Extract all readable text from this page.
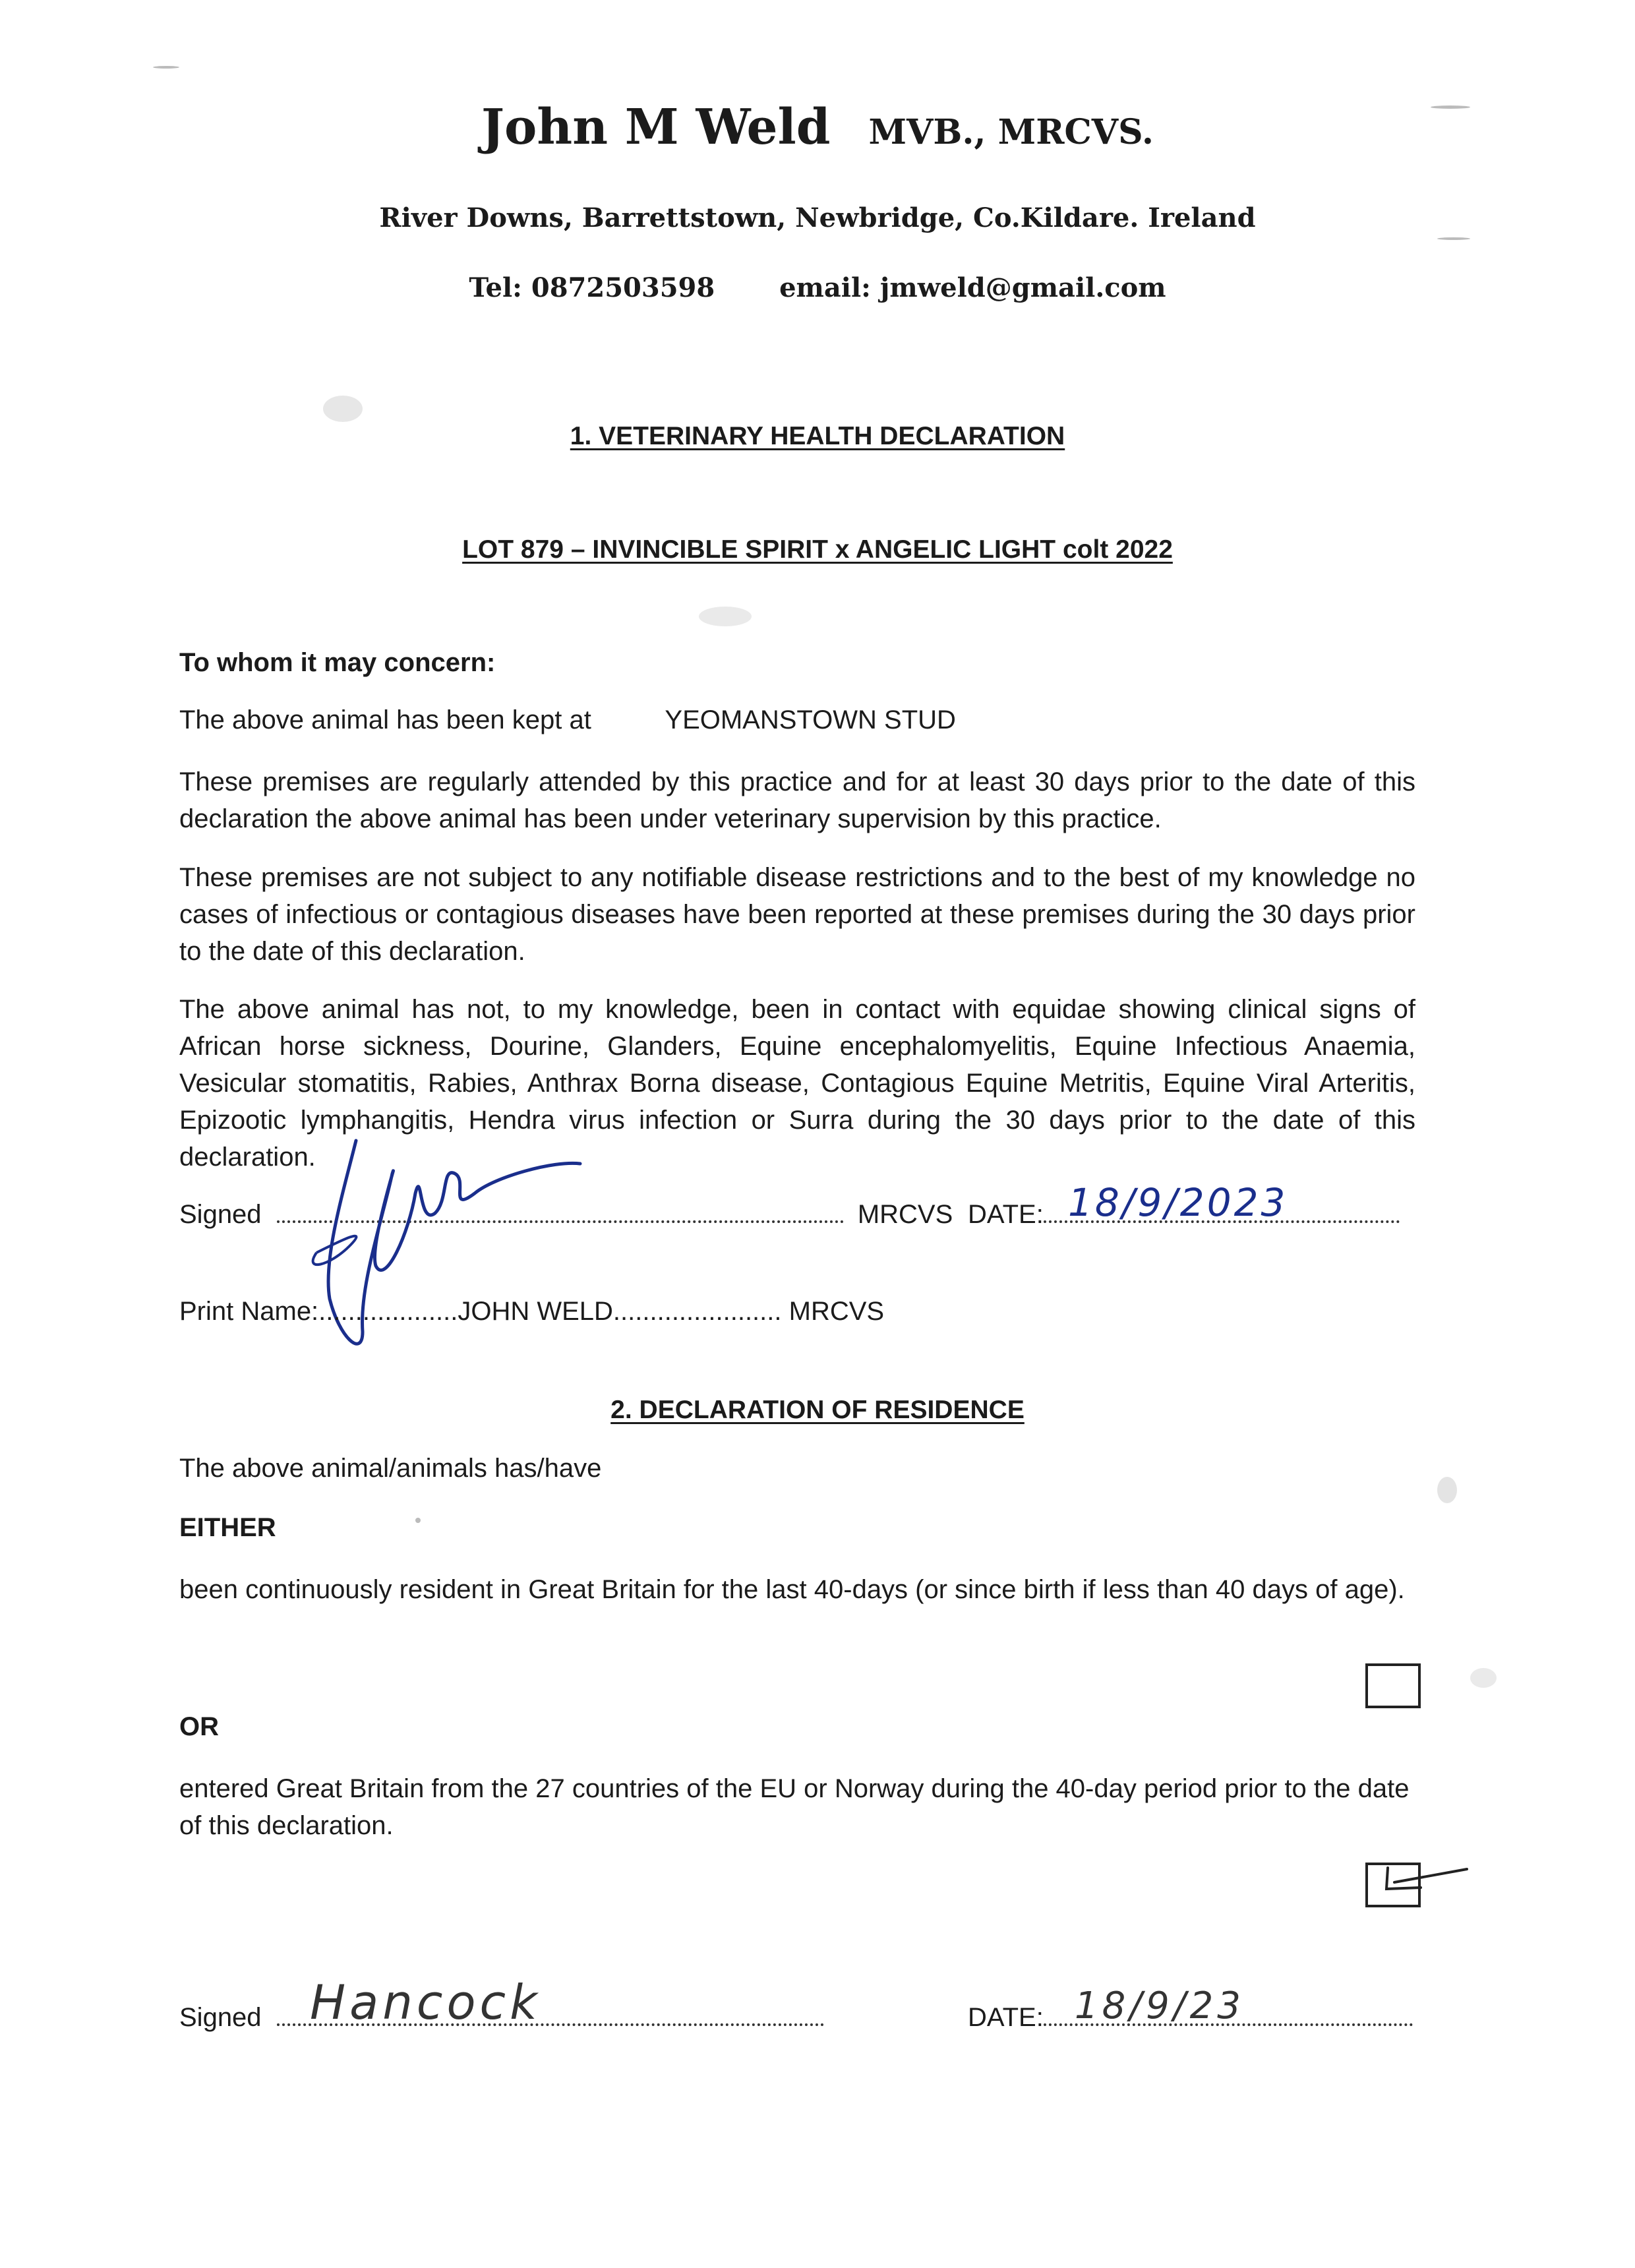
John M Weld MVB., MRCVS.
River Downs, Barrettstown, Newbridge, Co.Kildare. Ireland
Tel: 0872503598 email: jmweld@gmail.com
1. VETERINARY HEALTH DECLARATION
LOT 879 – INVINCIBLE SPIRIT x ANGELIC LIGHT colt 2022
To whom it may concern:
The above animal has been kept at	YEOMANSTOWN STUD
These premises are regularly attended by this practice and for at least 30 days prior to the date of this declaration the above animal has been under veterinary supervision by this practice.
These premises are not subject to any notifiable disease restrictions and to the best of my knowledge no cases of infectious or contagious diseases have been reported at these premises during the 30 days prior to the date of this declaration.
The above animal has not, to my knowledge, been in contact with equidae showing clinical signs of African horse sickness, Dourine, Glanders, Equine encephalomyelitis, Equine Infectious Anaemia, Vesicular stomatitis, Rabies, Anthrax Borna disease, Contagious Equine Metritis, Equine Viral Arteritis, Epizootic lymphangitis, Hendra virus infection or Surra during the 30 days prior to the date of this declaration.
Signed	MRCVS DATE: 18/9/2023
Print Name:...................JOHN WELD....................... MRCVS
2. DECLARATION OF RESIDENCE
The above animal/animals has/have
EITHER
been continuously resident in Great Britain for the last 40-days (or since birth if less than 40 days of age).
OR
entered Great Britain from the 27 countries of the EU or Norway during the 40-day period prior to the date of this declaration.
Signed	Hancock	DATE: 18/9/23
